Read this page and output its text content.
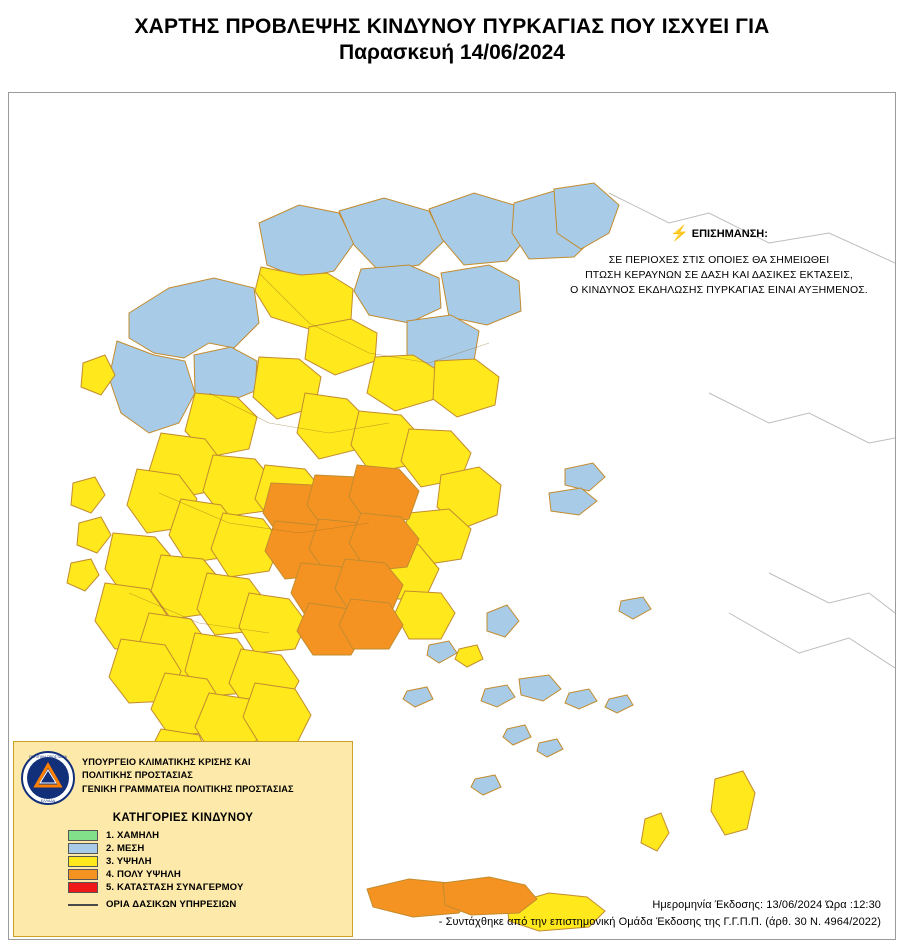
ΧΑΡΤΗΣ ΠΡΟΒΛΕΨΗΣ ΚΙΝΔΥΝΟΥ ΠΥΡΚΑΓΙΑΣ ΠΟΥ ΙΣΧΥΕΙ ΓΙΑ
Παρασκευή 14/06/2024
⚡ ΕΠΙΣΗΜΑΝΣΗ:
ΣΕ ΠΕΡΙΟΧΕΣ ΣΤΙΣ ΟΠΟΙΕΣ ΘΑ ΣΗΜΕΙΩΘΕΙ
ΠΤΩΣΗ ΚΕΡΑΥΝΩΝ ΣΕ ΔΑΣΗ ΚΑΙ ΔΑΣΙΚΕΣ ΕΚΤΑΣΕΙΣ,
Ο ΚΙΝΔΥΝΟΣ ΕΚΔΗΛΩΣΗΣ ΠΥΡΚΑΓΙΑΣ ΕΙΝΑΙ ΑΥΞΗΜΕΝΟΣ.
ΠΟΛΙΤΙΚΗ ΠΡΟΣΤΑΣΙΑ
ΕΛΛΑΔΑ
ΥΠΟΥΡΓΕΙΟ ΚΛΙΜΑΤΙΚΗΣ ΚΡΙΣΗΣ ΚΑΙ
ΠΟΛΙΤΙΚΗΣ ΠΡΟΣΤΑΣΙΑΣ
ΓΕΝΙΚΗ ΓΡΑΜΜΑΤΕΙΑ ΠΟΛΙΤΙΚΗΣ ΠΡΟΣΤΑΣΙΑΣ
ΚΑΤΗΓΟΡΙΕΣ ΚΙΝΔΥΝΟΥ
1. ΧΑΜΗΛΗ
2. ΜΕΣΗ
3. ΥΨΗΛΗ
4. ΠΟΛΥ ΥΨΗΛΗ
5. ΚΑΤΑΣΤΑΣΗ ΣΥΝΑΓΕΡΜΟΥ
ΟΡΙΑ ΔΑΣΙΚΩΝ ΥΠΗΡΕΣΙΩΝ	Ημερομηνία Έκδοσης: 13/06/2024 Ώρα :12:30
- Συντάχθηκε από την επιστημονική Ομάδα Έκδοσης της Γ.Γ.Π.Π. (άρθ. 30 Ν. 4964/2022)
